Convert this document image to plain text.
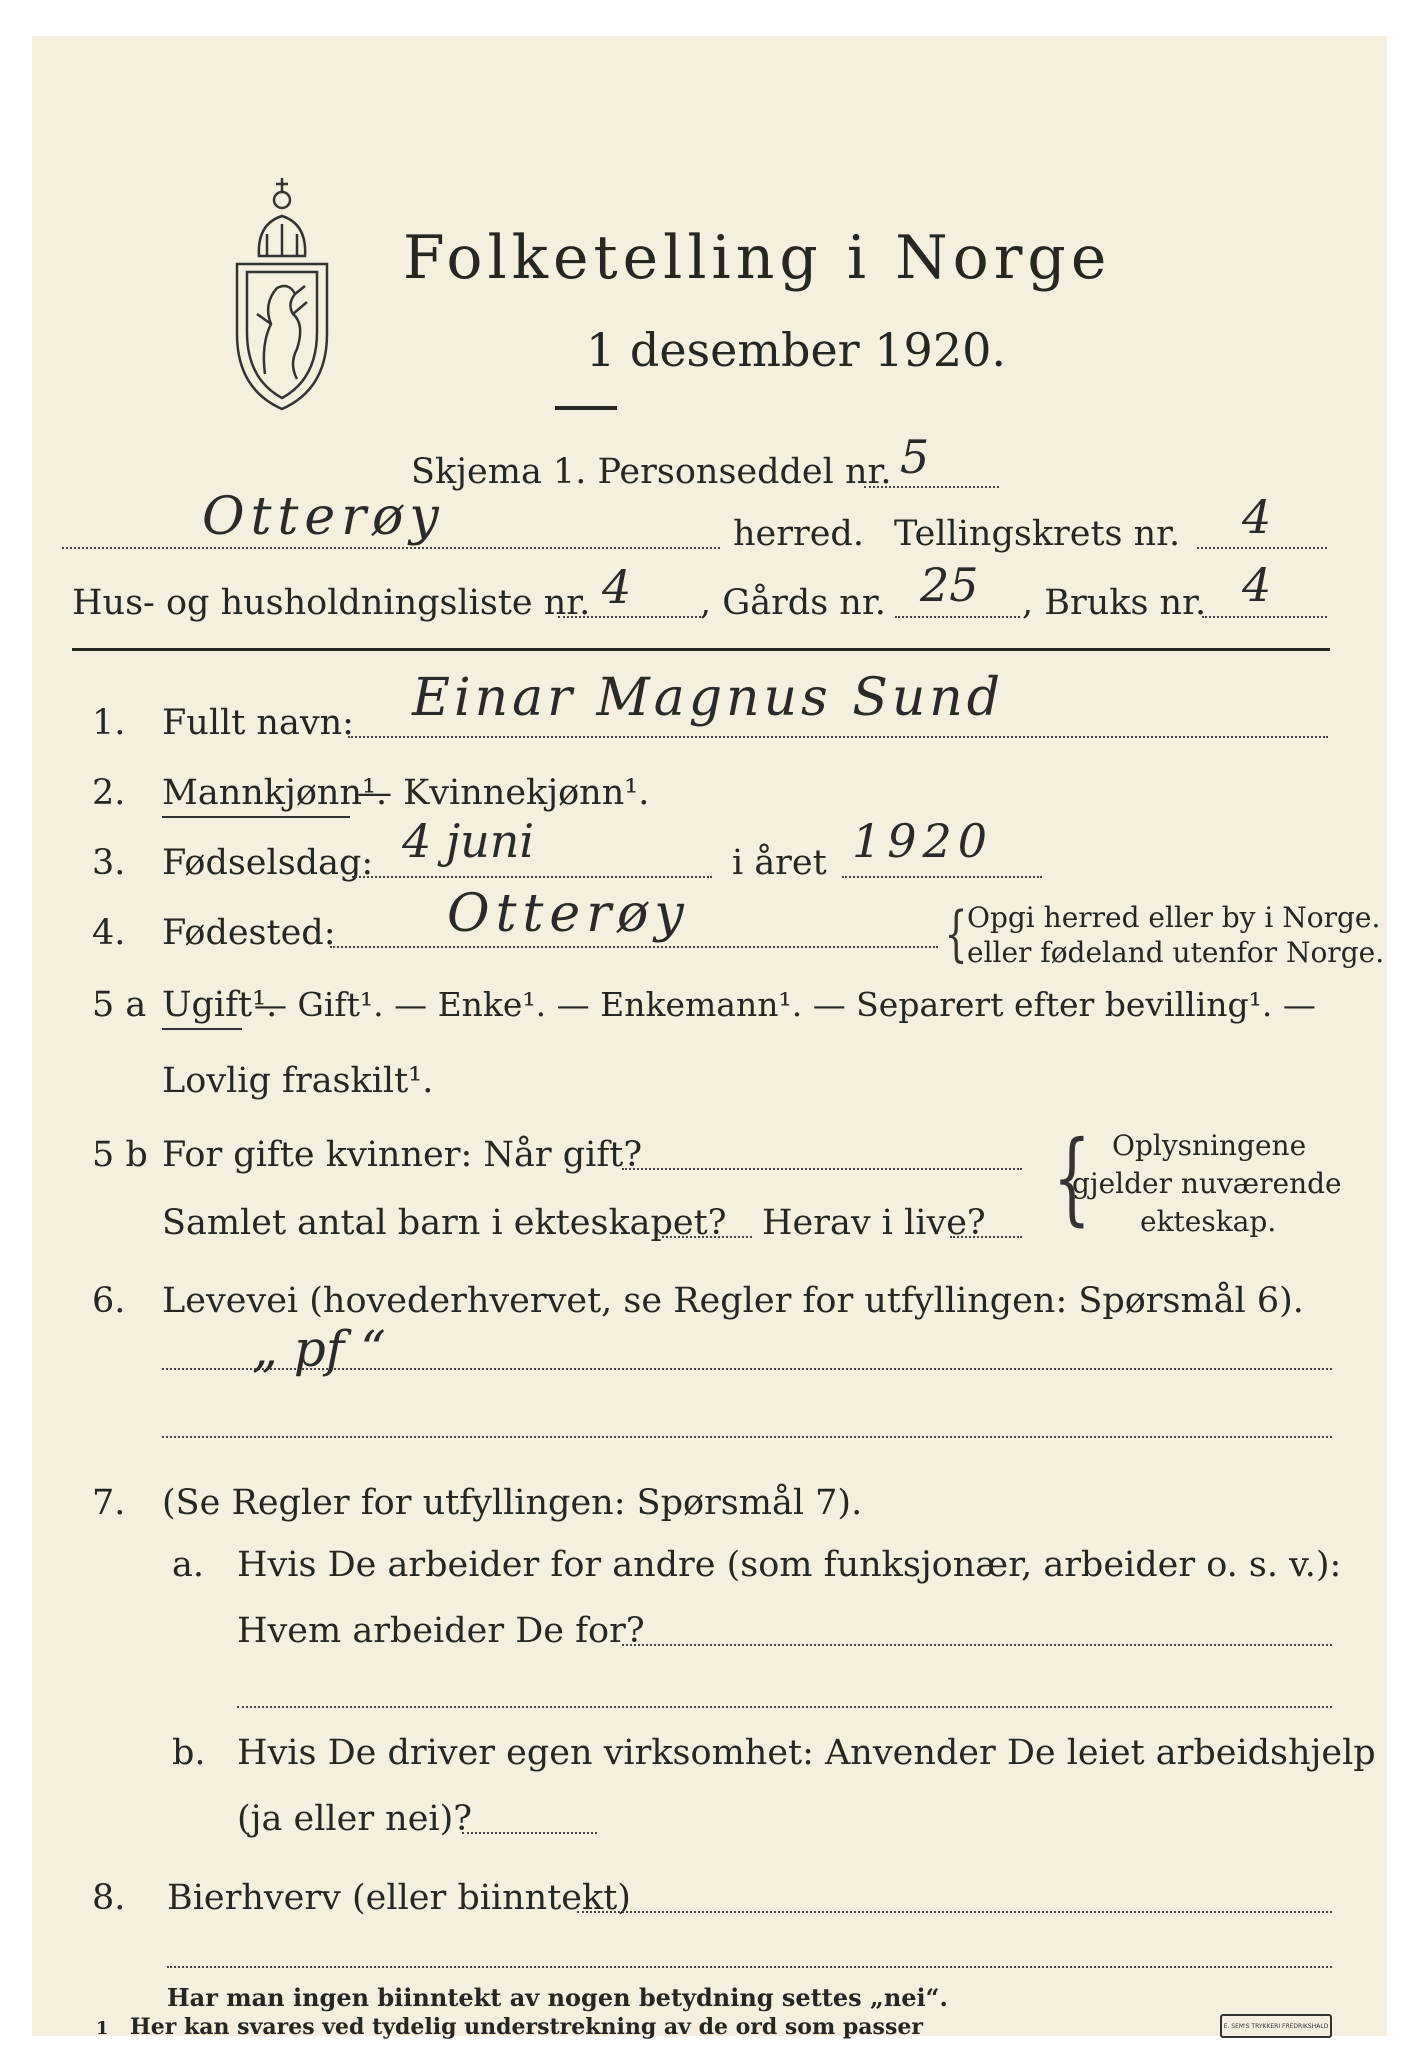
Folketelling i Norge
1 desember 1920.
Skjema 1. Personseddel nr. 5
Otterøy	herred. Tellingskrets nr. 4
Hus- og husholdningsliste nr. 4 , Gårds nr. 25 , Bruks nr. 4
1. Fullt navn: Einar Magnus Sund
2. Mannkjønn¹.
— Kvinnekjønn¹.
3. Fødselsdag: 4 juni	i året 1920
4. Fødested: Otterøy	{ Opgi herred eller by i Norge.
eller fødeland utenfor Norge.
5 a Ugift¹.
— Gift¹. — Enke¹. — Enkemann¹. — Separert efter bevilling¹. —
Lovlig fraskilt¹.
5 b For gifte kvinner: Når gift?
Samlet antal barn i ekteskapet? Herav i live? { Oplysningene
gjelder nuværende
ekteskap.
6. Levevei (hovederhvervet, se Regler for utfyllingen: Spørsmål 6).
„ pf “
7. (Se Regler for utfyllingen: Spørsmål 7).
a. Hvis De arbeider for andre (som funksjonær, arbeider o. s. v.):
Hvem arbeider De for?
b. Hvis De driver egen virksomhet: Anvender De leiet arbeidshjelp
(ja eller nei)?
8. Bierhverv (eller biinntekt)
Har man ingen biinntekt av nogen betydning settes „nei“.
1 Her kan svares ved tydelig understrekning av de ord som passer	E. SEM'S TRYKKERI FREDRIKSHALD
